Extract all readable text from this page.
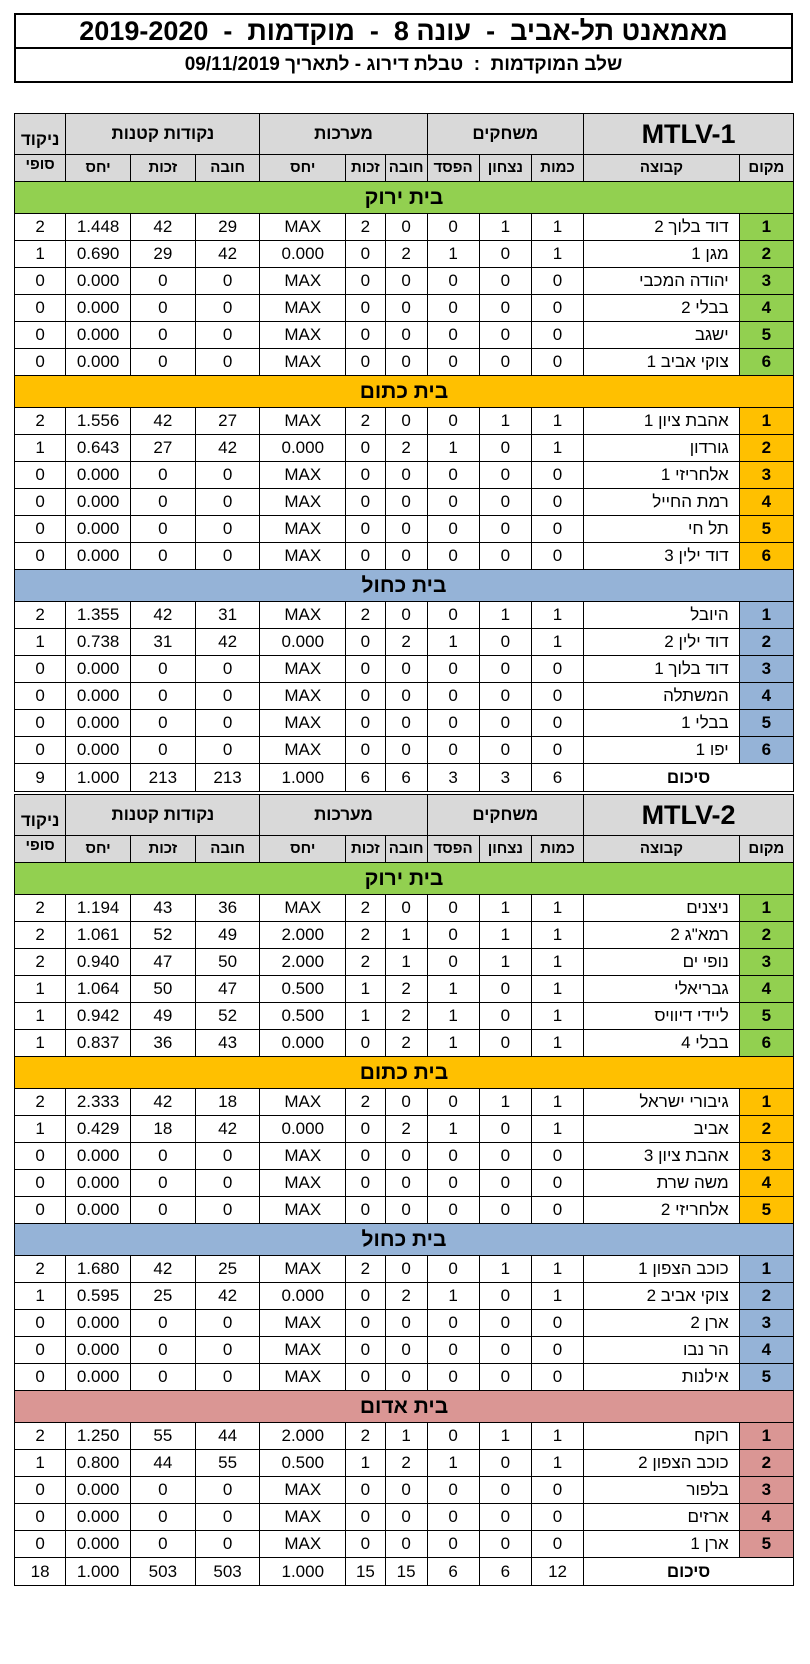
מאמאנט תל-אביב  -  עונה 8  -  מוקדמות  -  2019-2020
שלב המוקדמות  :  טבלת דירוג - לתאריך 09/11/2019
MTLV-1		משחקים			מערכות			נקודות קטנות			ניקוד
מקום	קבוצה	כמות	נצחון	הפסד	חובה	זכות	יחס	חובה	זכות	יחס	סופי
בית ירוק											
1	דוד בלוך 2	1	1	0	0	2	MAX	29	42	1.448	2
2	מגן 1	1	0	1	2	0	0.000	42	29	0.690	1
3	יהודה המכבי	0	0	0	0	0	MAX	0	0	0.000	0
4	בבלי 2	0	0	0	0	0	MAX	0	0	0.000	0
5	ישגב	0	0	0	0	0	MAX	0	0	0.000	0
6	צוקי אביב 1	0	0	0	0	0	MAX	0	0	0.000	0
בית כתום											
1	אהבת ציון 1	1	1	0	0	2	MAX	27	42	1.556	2
2	גורדון	1	0	1	2	0	0.000	42	27	0.643	1
3	אלחריזי 1	0	0	0	0	0	MAX	0	0	0.000	0
4	רמת החייל	0	0	0	0	0	MAX	0	0	0.000	0
5	תל חי	0	0	0	0	0	MAX	0	0	0.000	0
6	דוד ילין 3	0	0	0	0	0	MAX	0	0	0.000	0
בית כחול											
1	היובל	1	1	0	0	2	MAX	31	42	1.355	2
2	דוד ילין 2	1	0	1	2	0	0.000	42	31	0.738	1
3	דוד בלוך 1	0	0	0	0	0	MAX	0	0	0.000	0
4	המשתלה	0	0	0	0	0	MAX	0	0	0.000	0
5	בבלי 1	0	0	0	0	0	MAX	0	0	0.000	0
6	יפו 1	0	0	0	0	0	MAX	0	0	0.000	0
סיכום		6	3	3	6	6	1.000	213	213	1.000	9
MTLV-2		משחקים			מערכות			נקודות קטנות			ניקוד
מקום	קבוצה	כמות	נצחון	הפסד	חובה	זכות	יחס	חובה	זכות	יחס	סופי
בית ירוק											
1	ניצנים	1	1	0	0	2	MAX	36	43	1.194	2
2	רמא"ג 2	1	1	0	1	2	2.000	49	52	1.061	2
3	נופי ים	1	1	0	1	2	2.000	50	47	0.940	2
4	גבריאלי	1	0	1	2	1	0.500	47	50	1.064	1
5	ליידי דיוויס	1	0	1	2	1	0.500	52	49	0.942	1
6	בבלי 4	1	0	1	2	0	0.000	43	36	0.837	1
בית כתום											
1	גיבורי ישראל	1	1	0	0	2	MAX	18	42	2.333	2
2	אביב	1	0	1	2	0	0.000	42	18	0.429	1
3	אהבת ציון 3	0	0	0	0	0	MAX	0	0	0.000	0
4	משה שרת	0	0	0	0	0	MAX	0	0	0.000	0
5	אלחריזי 2	0	0	0	0	0	MAX	0	0	0.000	0
בית כחול											
1	כוכב הצפון 1	1	1	0	0	2	MAX	25	42	1.680	2
2	צוקי אביב 2	1	0	1	2	0	0.000	42	25	0.595	1
3	ארן 2	0	0	0	0	0	MAX	0	0	0.000	0
4	הר נבו	0	0	0	0	0	MAX	0	0	0.000	0
5	אילנות	0	0	0	0	0	MAX	0	0	0.000	0
בית אדום											
1	רוקח	1	1	0	1	2	2.000	44	55	1.250	2
2	כוכב הצפון 2	1	0	1	2	1	0.500	55	44	0.800	1
3	בלפור	0	0	0	0	0	MAX	0	0	0.000	0
4	ארזים	0	0	0	0	0	MAX	0	0	0.000	0
5	ארן 1	0	0	0	0	0	MAX	0	0	0.000	0
סיכום		12	6	6	15	15	1.000	503	503	1.000	18
